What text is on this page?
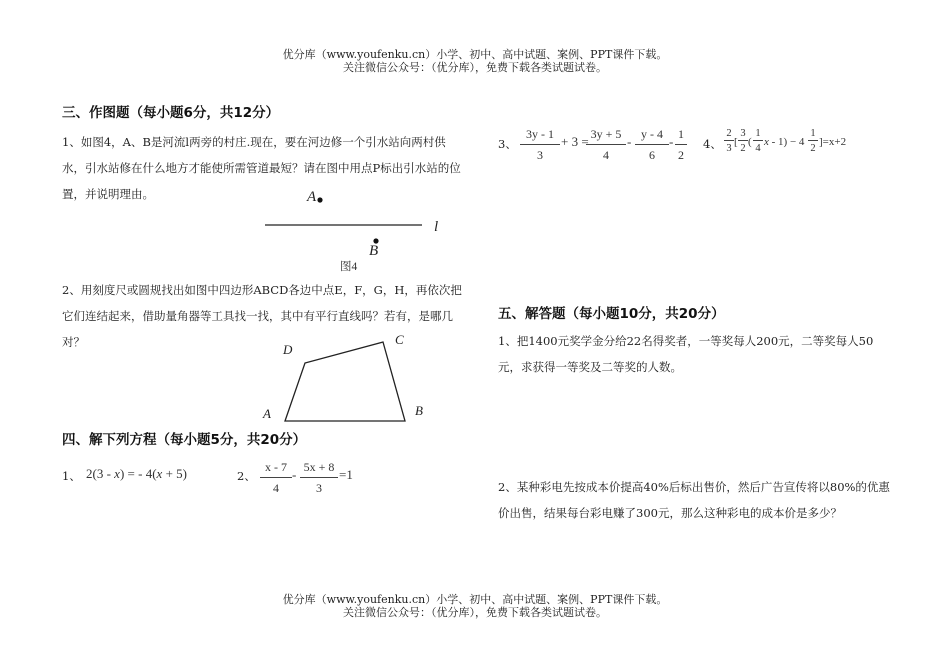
优分库（www.youfenku.cn）小学、初中、高中试题、案例、PPT课件下载。
关注微信公众号：（优分库），免费下载各类试题试卷。
三、作图题（每小题6分，共12分）
1、如图4，A、B是河流l两旁的村庄.现在，要在河边修一个引水站向两村供水，引水站修在什么地方才能使所需管道最短？请在图中用点P标出引水站的位置，并说明理由。	A
B
l
图4
2、用刻度尺或圆规找出如图中四边形ABCD各边中点E，F，G，H，再依次把它们连结起来，借助量角器等工具找一找，其中有平行直线吗？若有，是哪几对？
A	B
C
D
四、解下列方程（每小题5分，共20分）
1、 2(3 - x) = - 4(x + 5)	2、 $\frac{x - 7}{4} - \frac{5x + 8}{3} =1$
3、 $\frac{3y - 1}{3} + 3$ =
$\frac{3y + 5}{4} - \frac{y - 4}{6} - \frac{1}{2} 4$、 $\frac{2}{3}$ [ $\frac{3}{2}$ ( $\frac{1}{4}$ $x - 1) - 4 \frac{1}{2} ]=x+2$
五、解答题（每小题10分，共20分）
1、把1400元奖学金分给22名得奖者，一等奖每人200元，二等奖每人50元，求获得一等奖及二等奖的人数。
2、某种彩电先按成本价提高40%后标出售价，然后广告宣传将以80%的优惠价出售，结果每台彩电赚了300元，那么这种彩电的成本价是多少？
优分库（www.youfenku.cn）小学、初中、高中试题、案例、PPT课件下载。
关注微信公众号：（优分库），免费下载各类试题试卷。
